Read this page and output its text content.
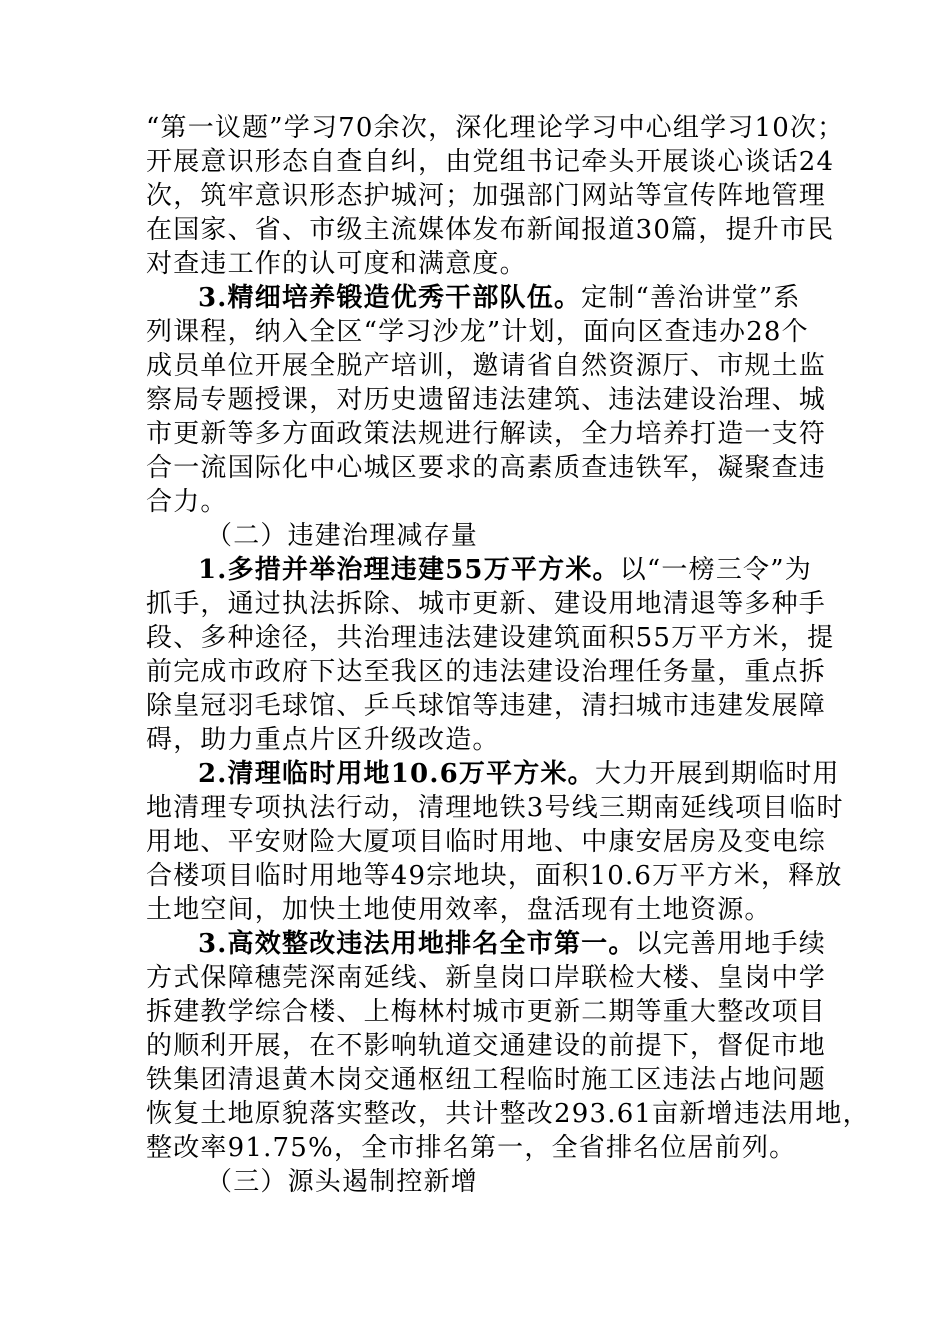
“第一议题”学习70余次，深化理论学习中心组学习10次；
开展意识形态自查自纠，由党组书记牵头开展谈心谈话24
次，筑牢意识形态护城河；加强部门网站等宣传阵地管理
在国家、省、市级主流媒体发布新闻报道30篇，提升市民
对查违工作的认可度和满意度。
3.精细培养锻造优秀干部队伍。定制“善治讲堂”系
列课程，纳入全区“学习沙龙”计划，面向区查违办28个
成员单位开展全脱产培训，邀请省自然资源厅、市规土监
察局专题授课，对历史遗留违法建筑、违法建设治理、城
市更新等多方面政策法规进行解读，全力培养打造一支符
合一流国际化中心城区要求的高素质查违铁军，凝聚查违
合力。
（二）违建治理减存量
1.多措并举治理违建55万平方米。以“一榜三令”为
抓手，通过执法拆除、城市更新、建设用地清退等多种手
段、多种途径，共治理违法建设建筑面积55万平方米，提
前完成市政府下达至我区的违法建设治理任务量，重点拆
除皇冠羽毛球馆、乒乓球馆等违建，清扫城市违建发展障
碍，助力重点片区升级改造。
2.清理临时用地10.6万平方米。大力开展到期临时用
地清理专项执法行动，清理地铁3号线三期南延线项目临时
用地、平安财险大厦项目临时用地、中康安居房及变电综
合楼项目临时用地等49宗地块，面积10.6万平方米，释放
土地空间，加快土地使用效率，盘活现有土地资源。
3.高效整改违法用地排名全市第一。以完善用地手续
方式保障穗莞深南延线、新皇岗口岸联检大楼、皇岗中学
拆建教学综合楼、上梅林村城市更新二期等重大整改项目
的顺利开展，在不影响轨道交通建设的前提下，督促市地
铁集团清退黄木岗交通枢纽工程临时施工区违法占地问题
恢复土地原貌落实整改，共计整改293.61亩新增违法用地，
整改率91.75%，全市排名第一，全省排名位居前列。
（三）源头遏制控新增
